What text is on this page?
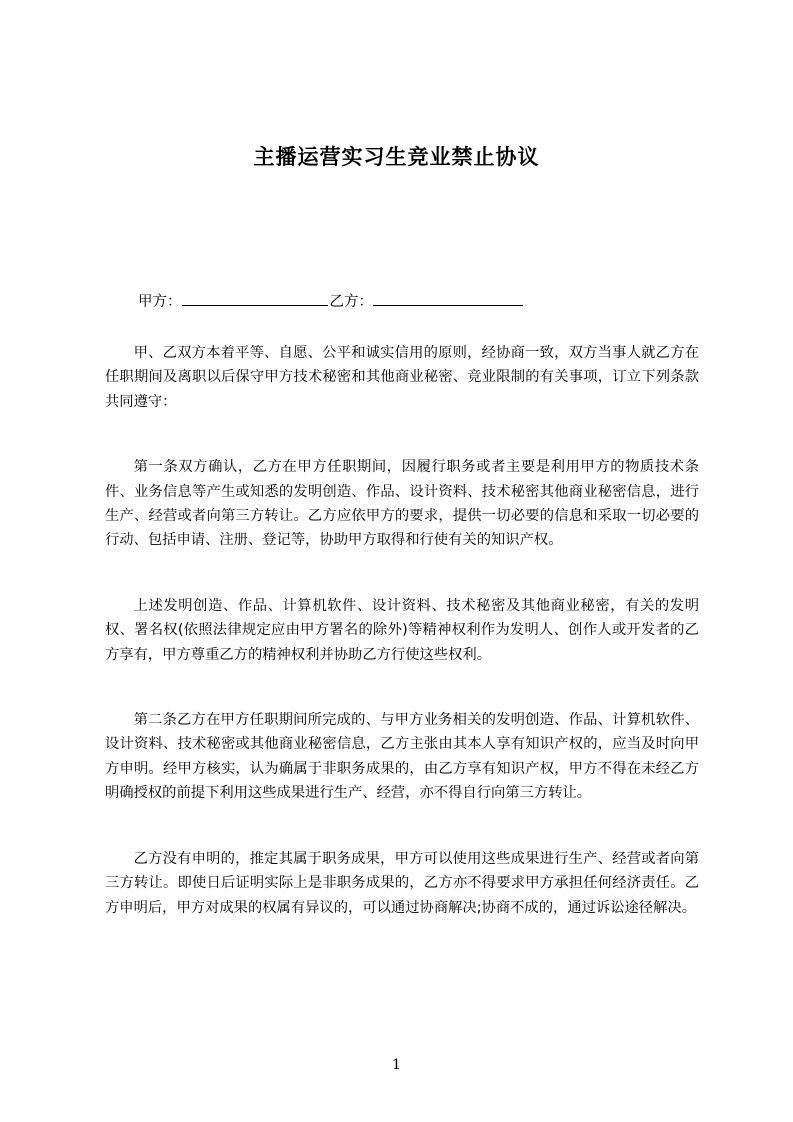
主播运营实习生竞业禁止协议
甲方：	乙方：

甲、乙双方本着平等、自愿、公平和诚实信用的原则，经协商一致，双方当事人就乙方在任职期间及离职以后保守甲方技术秘密和其他商业秘密、竞业限制的有关事项，订立下列条款共同遵守：

第一条双方确认，乙方在甲方任职期间，因履行职务或者主要是利用甲方的物质技术条件、业务信息等产生或知悉的发明创造、作品、设计资料、技术秘密其他商业秘密信息，进行生产、经营或者向第三方转让。乙方应依甲方的要求，提供一切必要的信息和采取一切必要的行动、包括申请、注册、登记等，协助甲方取得和行使有关的知识产权。

上述发明创造、作品、计算机软件、设计资料、技术秘密及其他商业秘密，有关的发明权、署名权(依照法律规定应由甲方署名的除外)等精神权利作为发明人、创作人或开发者的乙方享有，甲方尊重乙方的精神权利并协助乙方行使这些权利。

第二条乙方在甲方任职期间所完成的、与甲方业务相关的发明创造、作品、计算机软件、设计资料、技术秘密或其他商业秘密信息，乙方主张由其本人享有知识产权的，应当及时向甲方申明。经甲方核实，认为确属于非职务成果的，由乙方享有知识产权，甲方不得在未经乙方明确授权的前提下利用这些成果进行生产、经营，亦不得自行向第三方转让。

乙方没有申明的，推定其属于职务成果，甲方可以使用这些成果进行生产、经营或者向第三方转让。即使日后证明实际上是非职务成果的，乙方亦不得要求甲方承担任何经济责任。乙方申明后，甲方对成果的权属有异议的，可以通过协商解决;协商不成的，通过诉讼途径解决。

1
